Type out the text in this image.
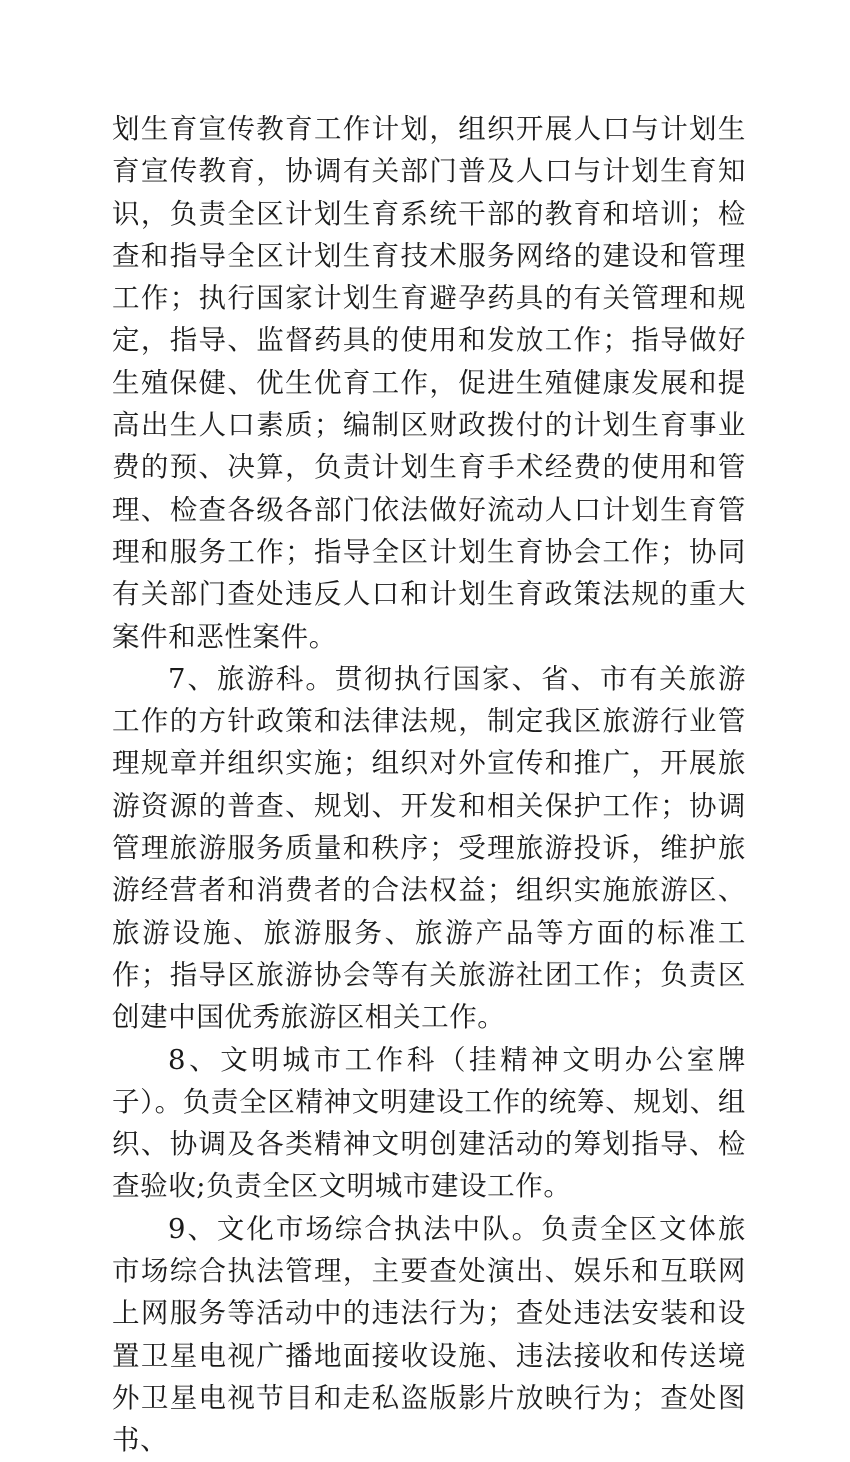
划生育宣传教育工作计划，组织开展人口与计划生育宣传教育，协调有关部门普及人口与计划生育知识，负责全区计划生育系统干部的教育和培训；检查和指导全区计划生育技术服务网络的建设和管理工作；执行国家计划生育避孕药具的有关管理和规定，指导、监督药具的使用和发放工作；指导做好生殖保健、优生优育工作，促进生殖健康发展和提高出生人口素质；编制区财政拨付的计划生育事业费的预、决算，负责计划生育手术经费的使用和管理、检查各级各部门依法做好流动人口计划生育管理和服务工作；指导全区计划生育协会工作；协同有关部门查处违反人口和计划生育政策法规的重大案件和恶性案件。

7、旅游科。贯彻执行国家、省、市有关旅游工作的方针政策和法律法规，制定我区旅游行业管理规章并组织实施；组织对外宣传和推广，开展旅游资源的普查、规划、开发和相关保护工作；协调管理旅游服务质量和秩序；受理旅游投诉，维护旅游经营者和消费者的合法权益；组织实施旅游区、旅游设施、旅游服务、旅游产品等方面的标准工作；指导区旅游协会等有关旅游社团工作；负责区创建中国优秀旅游区相关工作。

8、文明城市工作科（挂精神文明办公室牌子）。负责全区精神文明建设工作的统筹、规划、组织、协调及各类精神文明创建活动的筹划指导、检查验收;负责全区文明城市建设工作。

9、文化市场综合执法中队。负责全区文体旅市场综合执法管理，主要查处演出、娱乐和互联网上网服务等活动中的违法行为；查处违法安装和设置卫星电视广播地面接收设施、违法接收和传送境外卫星电视节目和走私盗版影片放映行为；查处图书、
